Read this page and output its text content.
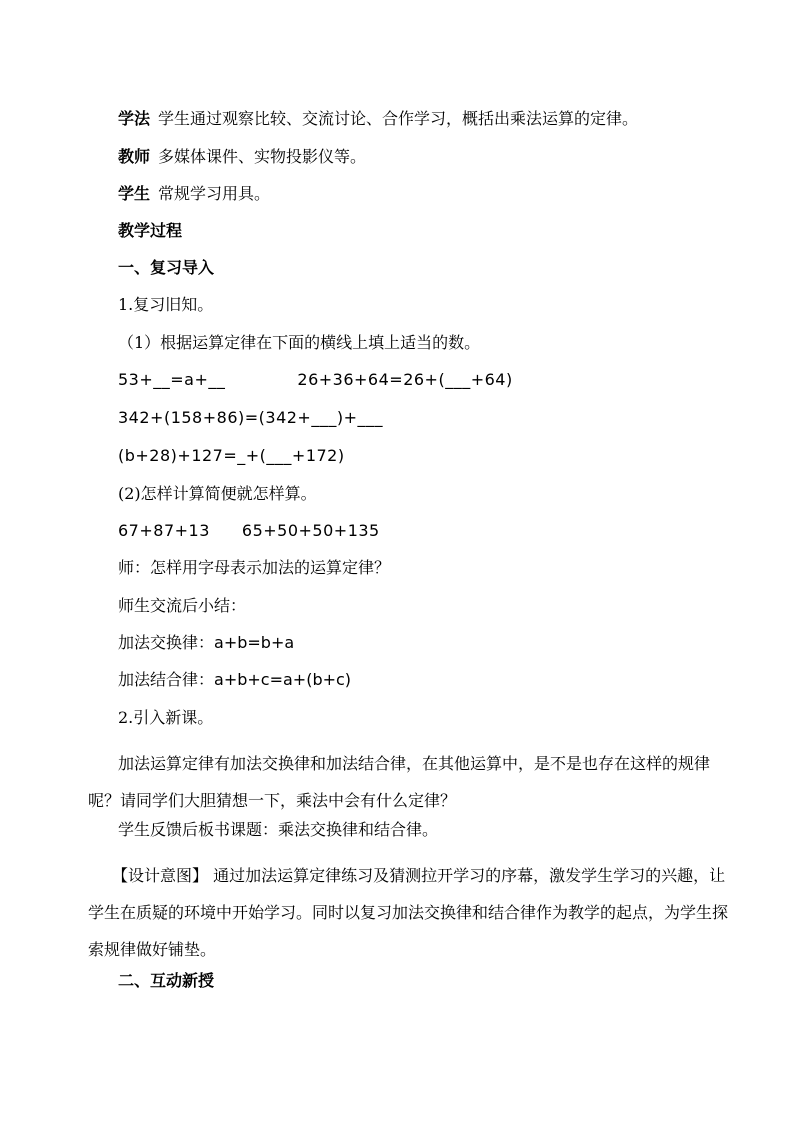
学法 学生通过观察比较、交流讨论、合作学习，概括出乘法运算的定律。
教师 多媒体课件、实物投影仪等。
学生 常规学习用具。
教学过程
一、复习导入
1.复习旧知。
（1）根据运算定律在下面的横线上填上适当的数。
53+__=a+__	26+36+64=26+(___+64)
342+(158+86)=(342+___)+___
(b+28)+127=_+(___+172)
(2)怎样计算简便就怎样算。
67+87+13 65+50+50+135
师：怎样用字母表示加法的运算定律？
师生交流后小结：
加法交换律：a+b=b+a
加法结合律：a+b+c=a+(b+c)
2.引入新课。
加法运算定律有加法交换律和加法结合律，在其他运算中，是不是也存在这样的规律呢？请同学们大胆猜想一下，乘法中会有什么定律？
学生反馈后板书课题：乘法交换律和结合律。
【设计意图】 通过加法运算定律练习及猜测拉开学习的序幕，激发学生学习的兴趣，让学生在质疑的环境中开始学习。同时以复习加法交换律和结合律作为教学的起点，为学生探索规律做好铺垫。
二、互动新授
